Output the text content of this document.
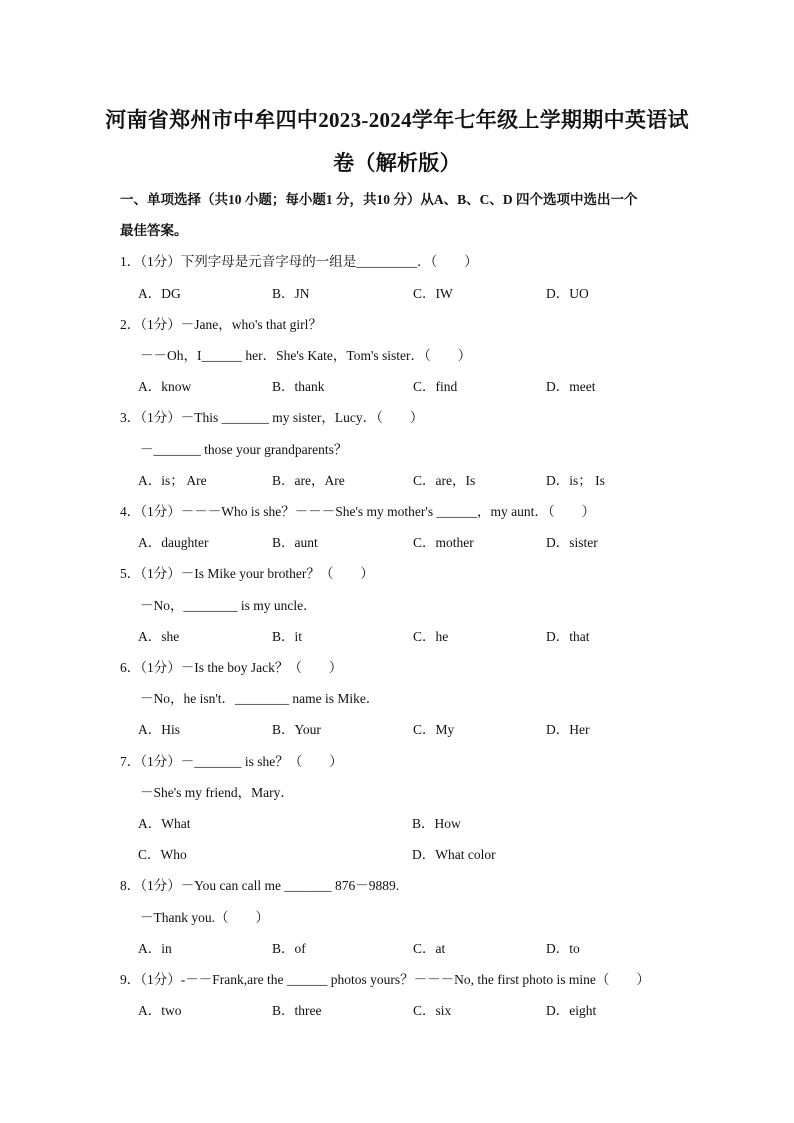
河南省郑州市中牟四中2023-2024学年七年级上学期期中英语试
卷（解析版）
一、单项选择（共10 小题；每小题1 分，共10 分）从A、B、C、D 四个选项中选出一个
最佳答案。
1．（1分）下列字母是元音字母的一组是_________．（　　）
A．DG	B．JN	C．IW	D．UO
2．（1分）－Jane，who's that girl？
－－Oh，I______ her．She's Kate，Tom's sister．（　　）
A．know	B．thank	C．find	D．meet
3．（1分）－This _______ my sister，Lucy．（　　）
－_______ those your grandparents？
A．is； Are	B．are，Are	C．are，Is	D．is； Is
4．（1分）－－－Who is she？－－－She's my mother's ______，my aunt．（　　）
A．daughter	B．aunt	C．mother	D．sister
5．（1分）－Is Mike your brother？（　　）
－No，________ is my uncle．
A．she	B．it	C．he	D．that
6．（1分）－Is the boy Jack？（　　）
－No，he isn't．________ name is Mike．
A．His	B．Your	C．My	D．Her
7．（1分）－_______ is she？（　　）
－She's my friend，Mary．
A．What	B．How
C．Who	D．What color
8．（1分）－You can call me _______ 876－9889.
－Thank you.（　　）
A．in	B．of	C．at	D．to
9．（1分）-－－Frank,are the ______ photos yours？－－－No, the first photo is mine（　　）
A．two	B．three	C．six	D．eight
